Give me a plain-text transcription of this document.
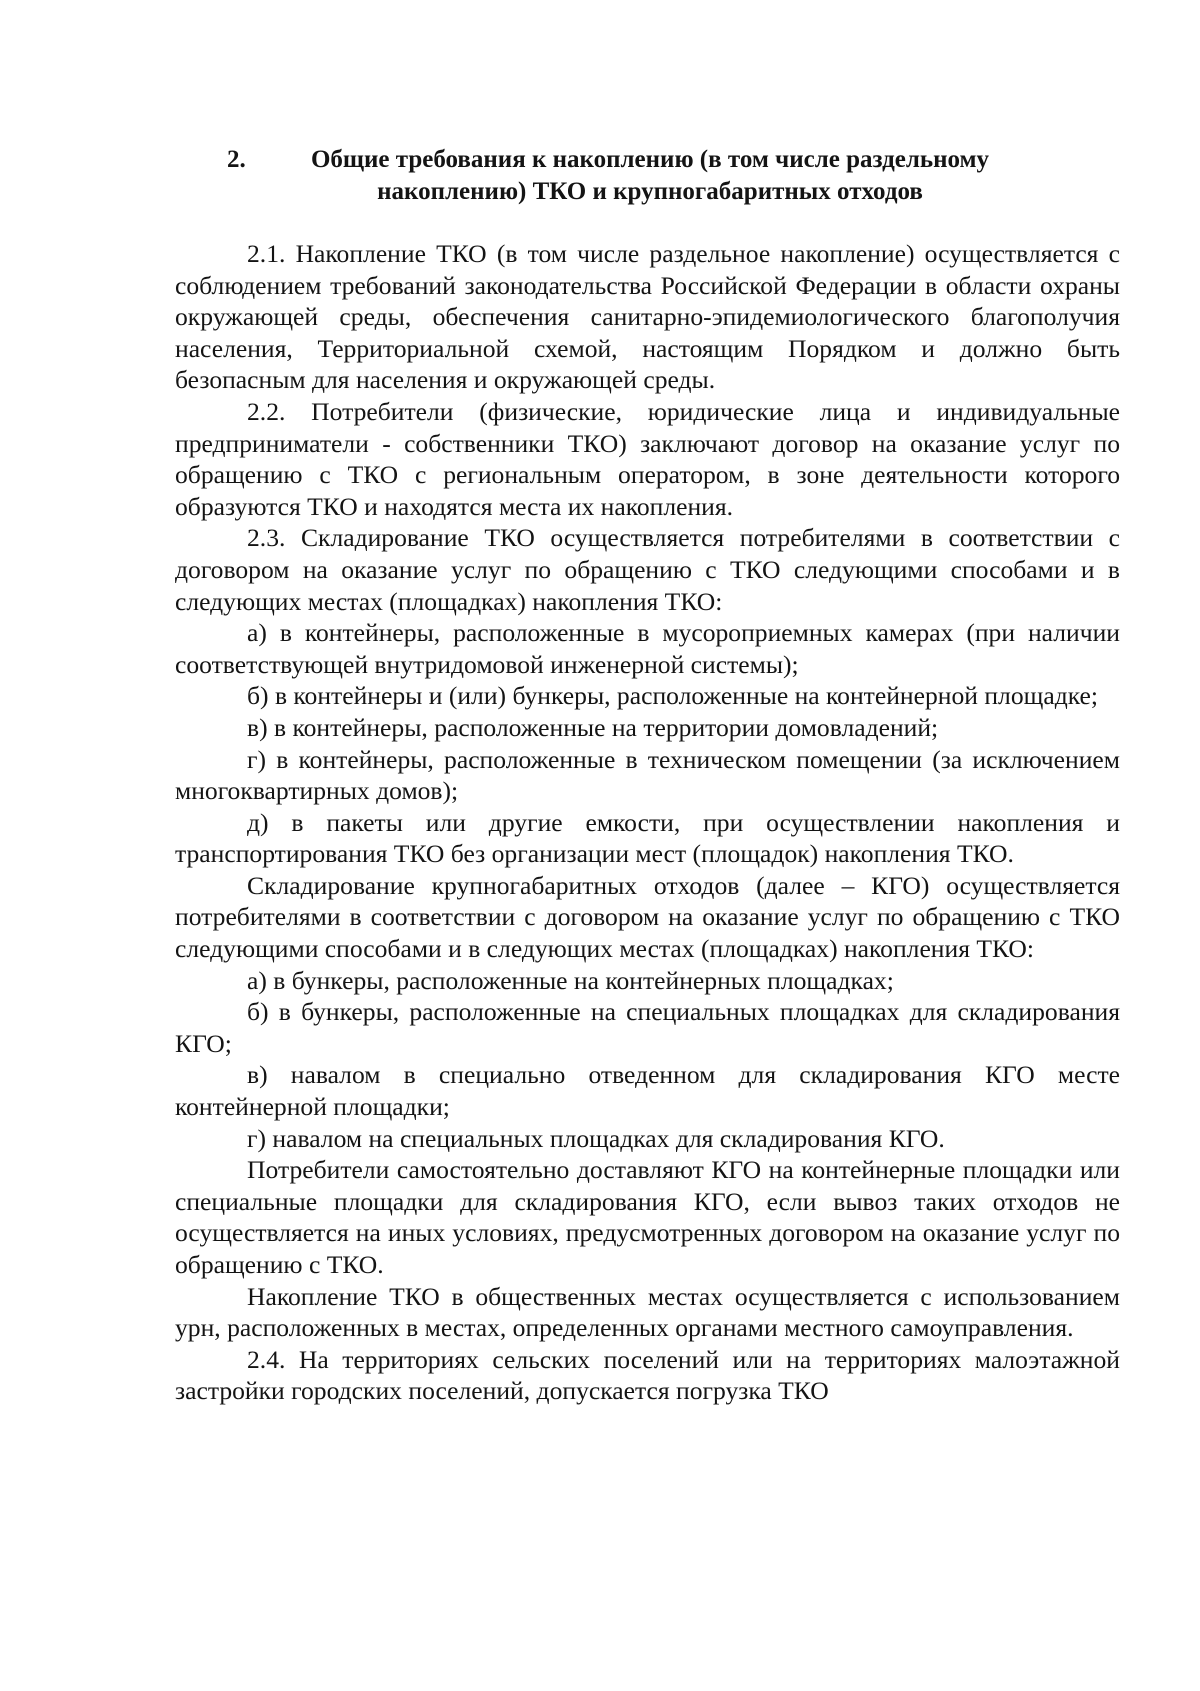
2.	Общие требования к накоплению (в том числе раздельному
накоплению) ТКО и крупногабаритных отходов

2.1. Накопление ТКО (в том числе раздельное накопление) осуществляется с соблюдением требований законодательства Российской Федерации в области охраны окружающей среды, обеспечения санитарно-эпидемиологического благополучия населения, Территориальной схемой, настоящим Порядком и должно быть безопасным для населения и окружающей среды.

2.2. Потребители (физические, юридические лица и индивидуальные предприниматели - собственники ТКО) заключают договор на оказание услуг по обращению с ТКО с региональным оператором, в зоне деятельности которого образуются ТКО и находятся места их накопления.

2.3. Складирование ТКО осуществляется потребителями в соответствии с договором на оказание услуг по обращению с ТКО следующими способами и в следующих местах (площадках) накопления ТКО:

а) в контейнеры, расположенные в мусороприемных камерах (при наличии соответствующей внутридомовой инженерной системы);

б) в контейнеры и (или) бункеры, расположенные на контейнерной площадке;

в) в контейнеры, расположенные на территории домовладений;

г) в контейнеры, расположенные в техническом помещении (за исключением многоквартирных домов);

д) в пакеты или другие емкости, при осуществлении накопления и транспортирования ТКО без организации мест (площадок) накопления ТКО.

Складирование крупногабаритных отходов (далее – КГО) осуществляется потребителями в соответствии с договором на оказание услуг по обращению с ТКО следующими способами и в следующих местах (площадках) накопления ТКО:

а) в бункеры, расположенные на контейнерных площадках;

б) в бункеры, расположенные на специальных площадках для складирования КГО;

в) навалом в специально отведенном для складирования КГО месте контейнерной площадки;

г) навалом на специальных площадках для складирования КГО.

Потребители самостоятельно доставляют КГО на контейнерные площадки или специальные площадки для складирования КГО, если вывоз таких отходов не осуществляется на иных условиях, предусмотренных договором на оказание услуг по обращению с ТКО.

Накопление ТКО в общественных местах осуществляется с использованием урн, расположенных в местах, определенных органами местного самоуправления.

2.4. На территориях сельских поселений или на территориях малоэтажной застройки городских поселений, допускается погрузка ТКО
